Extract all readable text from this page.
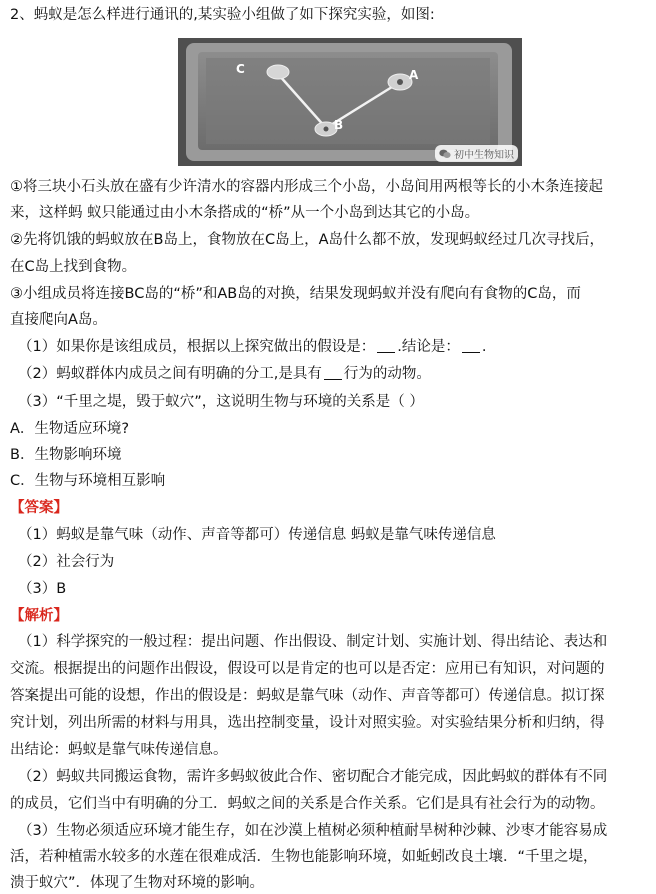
2、蚂蚁是怎么样进行通讯的,某实验小组做了如下探究实验，如图:
C	A
B
初中生物知识
①将三块小石头放在盛有少许清水的容器内形成三个小岛，小岛间用两根等长的小木条连接起
来，这样蚂 蚁只能通过由小木条搭成的“桥”从一个小岛到达其它的小岛。
②先将饥饿的蚂蚁放在B岛上，食物放在C岛上，A岛什么都不放，发现蚂蚁经过几次寻找后，
在C岛上找到食物。
③小组成员将连接BC岛的“桥”和AB岛的对换，结果发现蚂蚁并没有爬向有食物的C岛，而
直接爬向A岛。
（1）如果你是该组成员，根据以上探究做出的假设是： .结论是： .
（2）蚂蚁群体内成员之间有明确的分工,是具有 行为的动物。
（3）“千里之堤，毁于蚁穴”，这说明生物与环境的关系是（ ）
A．生物适应环境?
B．生物影响环境
C．生物与环境相互影响
【答案】
（1）蚂蚁是靠气味（动作、声音等都可）传递信息 蚂蚁是靠气味传递信息
（2）社会行为
（3）B
【解析】
（1）科学探究的一般过程：提出问题、作出假设、制定计划、实施计划、得出结论、表达和
交流。根据提出的问题作出假设，假设可以是肯定的也可以是否定：应用已有知识，对问题的
答案提出可能的设想，作出的假设是：蚂蚁是靠气味（动作、声音等都可）传递信息。拟订探
究计划，列出所需的材料与用具，选出控制变量，设计对照实验。对实验结果分析和归纳，得
出结论：蚂蚁是靠气味传递信息。
（2）蚂蚁共同搬运食物，需许多蚂蚁彼此合作、密切配合才能完成，因此蚂蚁的群体有不同
的成员，它们当中有明确的分工．蚂蚁之间的关系是合作关系。它们是具有社会行为的动物。
（3）生物必须适应环境才能生存，如在沙漠上植树必须种植耐旱树种沙棘、沙枣才能容易成
活，若种植需水较多的水莲在很难成活．生物也能影响环境，如蚯蚓改良土壤．“千里之堤，
溃于蚁穴”．体现了生物对环境的影响。
